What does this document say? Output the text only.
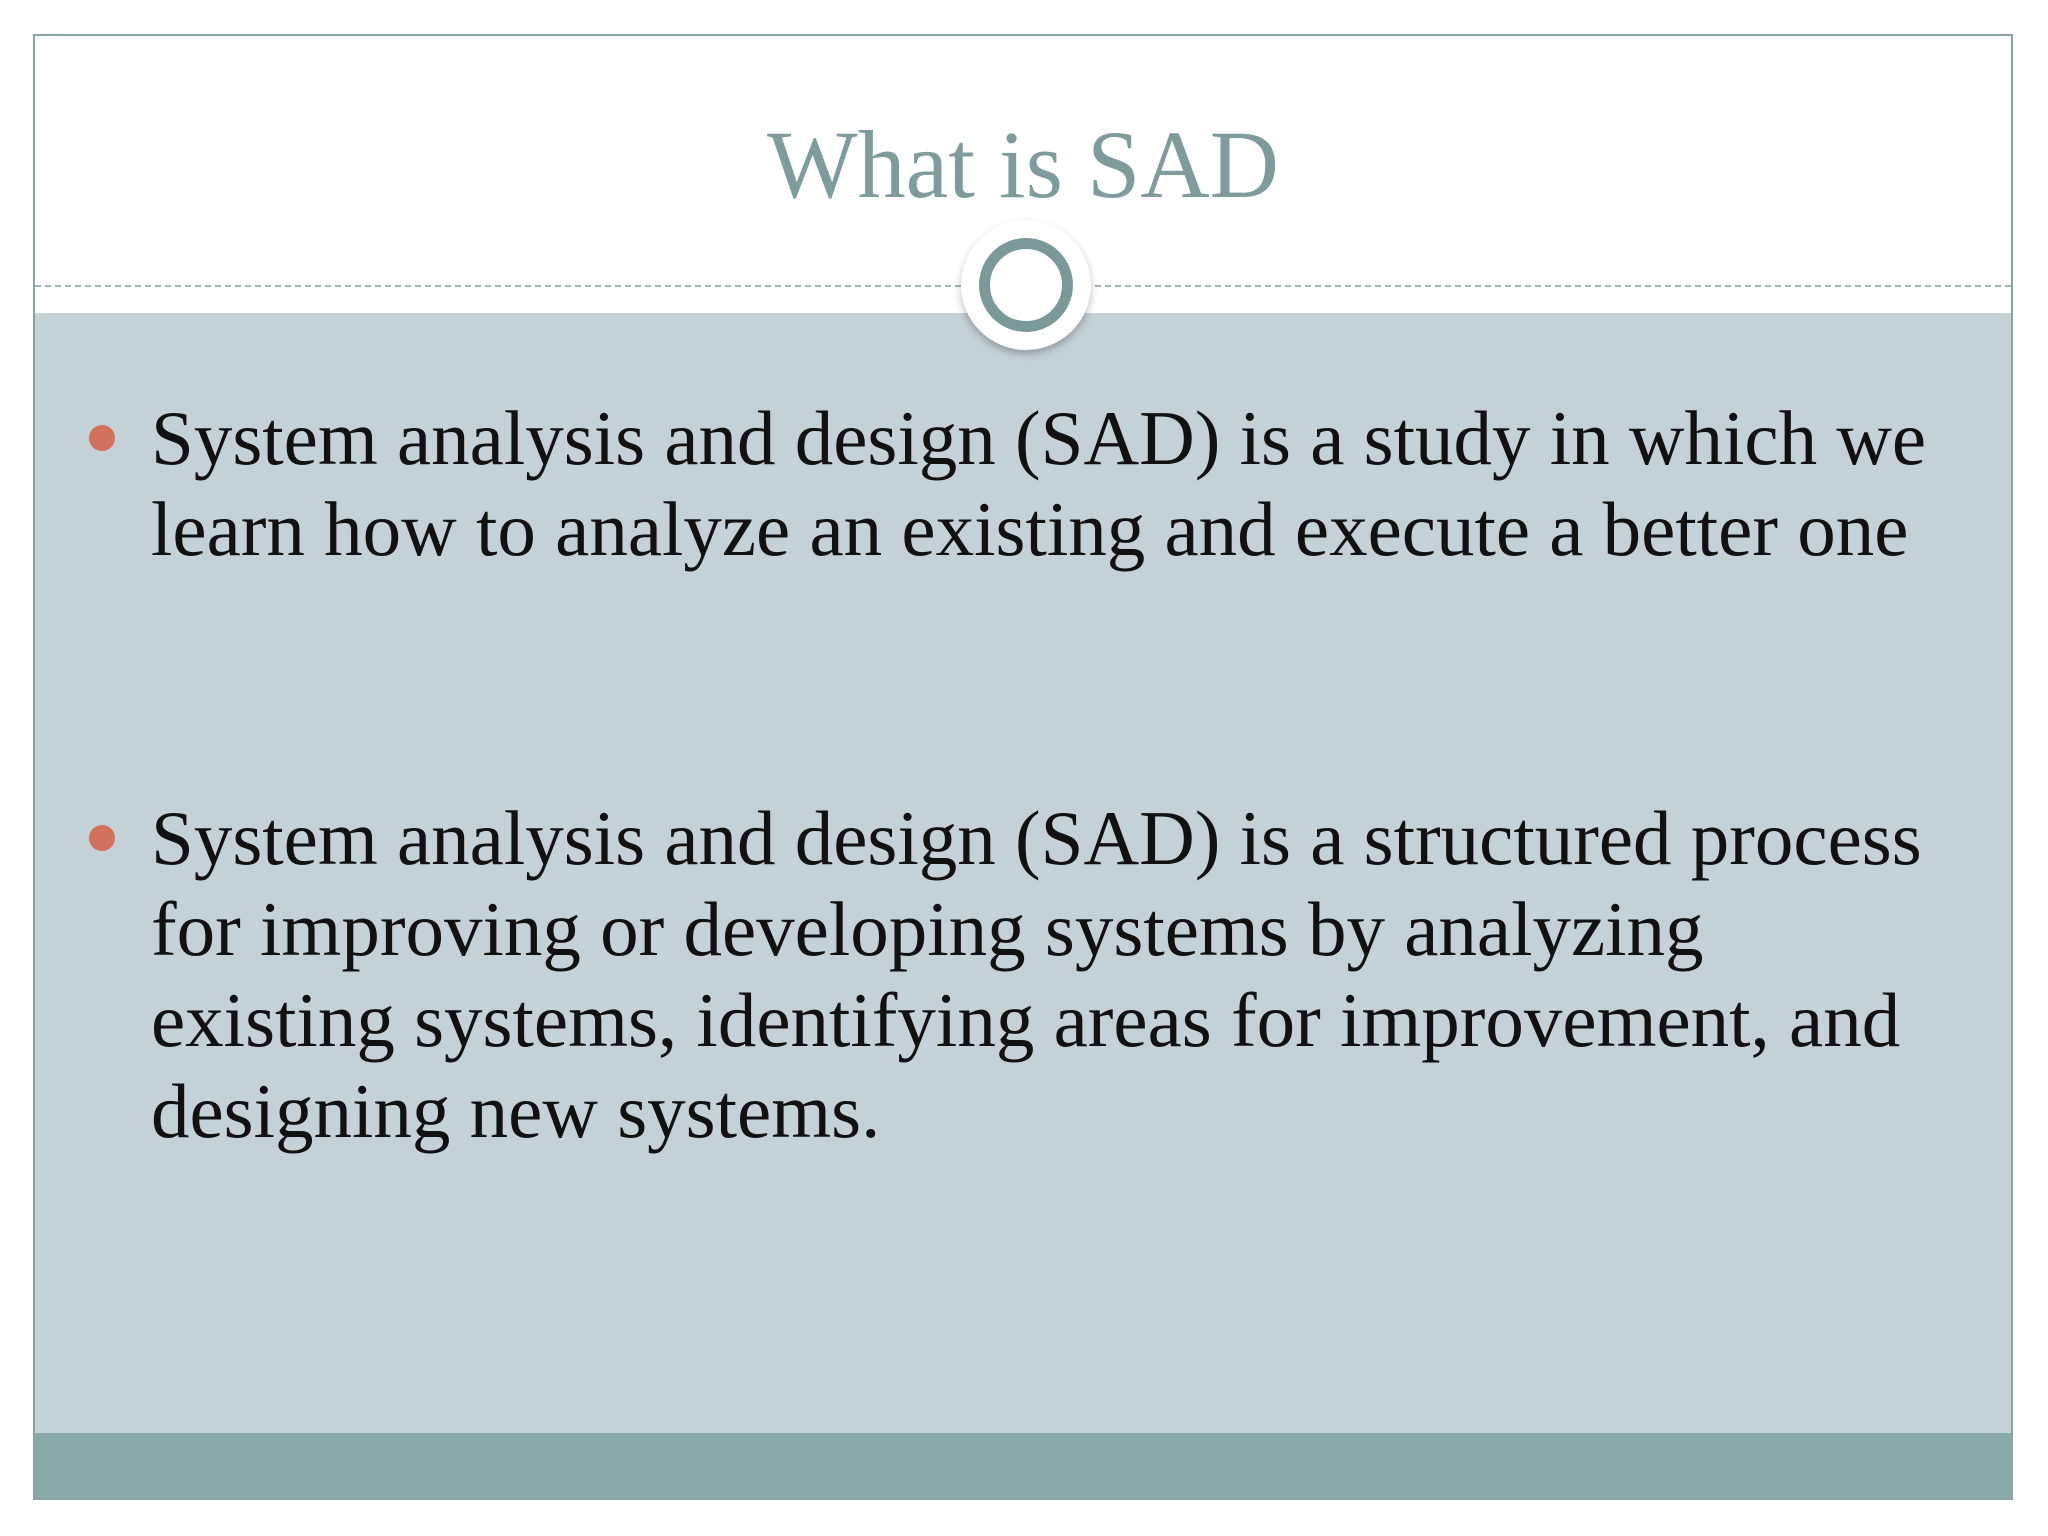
What is SAD
System analysis and design (SAD) is a study in which we learn how to analyze an existing and execute a better one
System analysis and design (SAD) is a structured process for improving or developing systems by analyzing existing systems, identifying areas for improvement, and designing new systems.
